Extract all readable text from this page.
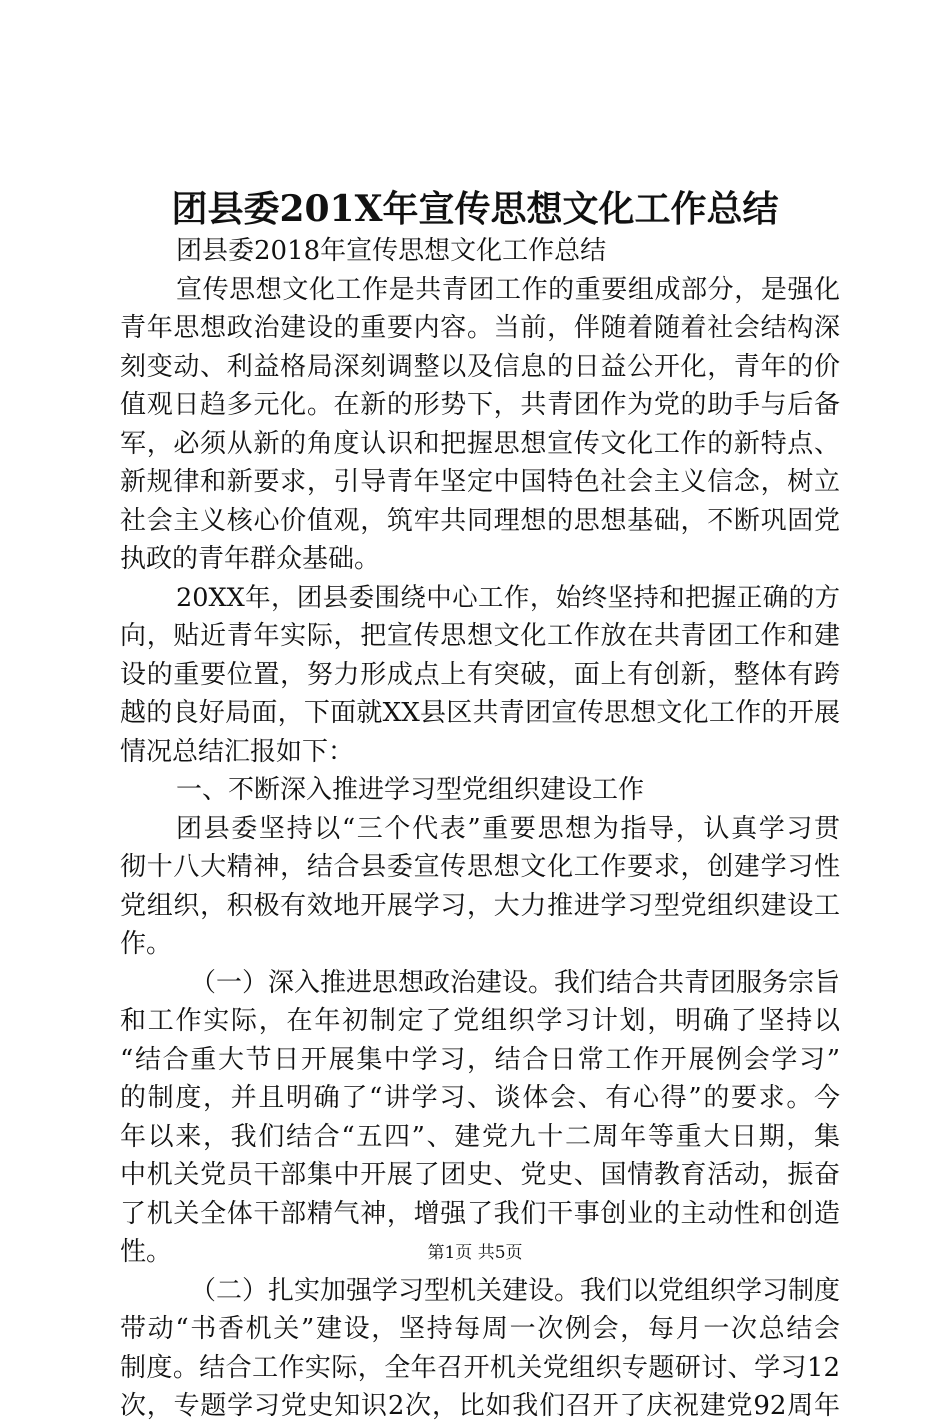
团县委201X年宣传思想文化工作总结
团县委2018年宣传思想文化工作总结
宣传思想文化工作是共青团工作的重要组成部分，是强化
青年思想政治建设的重要内容。当前，伴随着随着社会结构深
刻变动、利益格局深刻调整以及信息的日益公开化，青年的价
值观日趋多元化。在新的形势下，共青团作为党的助手与后备
军，必须从新的角度认识和把握思想宣传文化工作的新特点、
新规律和新要求，引导青年坚定中国特色社会主义信念，树立
社会主义核心价值观，筑牢共同理想的思想基础，不断巩固党
执政的青年群众基础。
20XX年，团县委围绕中心工作，始终坚持和把握正确的方
向，贴近青年实际，把宣传思想文化工作放在共青团工作和建
设的重要位置，努力形成点上有突破，面上有创新，整体有跨
越的良好局面，下面就XX县区共青团宣传思想文化工作的开展
情况总结汇报如下：
一、不断深入推进学习型党组织建设工作
团县委坚持以“三个代表”重要思想为指导，认真学习贯
彻十八大精神，结合县委宣传思想文化工作要求，创建学习性
党组织，积极有效地开展学习，大力推进学习型党组织建设工
作。
（一）深入推进思想政治建设。我们结合共青团服务宗旨
和工作实际，在年初制定了党组织学习计划，明确了坚持以
“结合重大节日开展集中学习，结合日常工作开展例会学习”
的制度，并且明确了“讲学习、谈体会、有心得”的要求。今
年以来，我们结合“五四”、建党九十二周年等重大日期，集
中机关党员干部集中开展了团史、党史、国情教育活动，振奋
了机关全体干部精气神，增强了我们干事创业的主动性和创造
性。
（二）扎实加强学习型机关建设。我们以党组织学习制度
带动“书香机关”建设，坚持每周一次例会，每月一次总结会
制度。结合工作实际，全年召开机关党组织专题研讨、学习12
次，专题学习党史知识2次，比如我们召开了庆祝建党92周年
第1页 共5页
